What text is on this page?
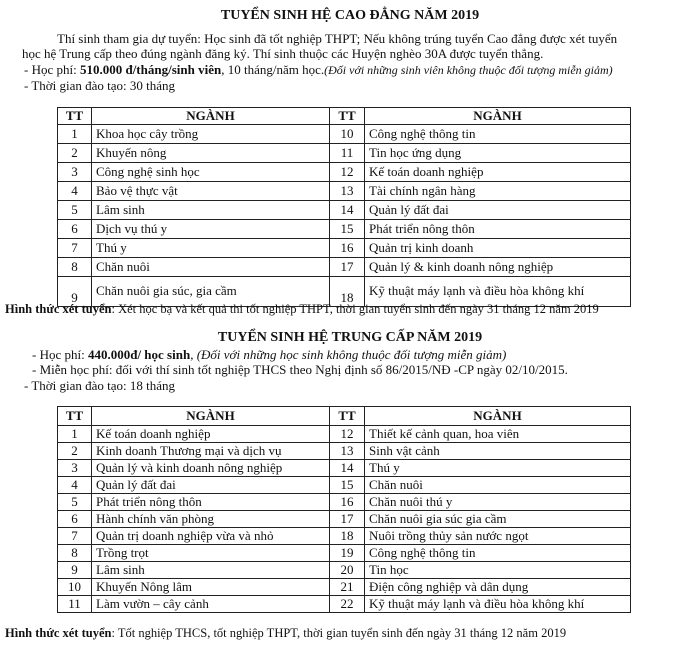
TUYỂN SINH HỆ CAO ĐẲNG NĂM 2019
Thí sinh tham gia dự tuyển: Học sinh đã tốt nghiệp THPT; Nếu không trúng tuyển Cao đẳng được xét tuyển
học hệ Trung cấp theo đúng ngành đăng ký. Thí sinh thuộc các Huyện nghèo 30A được tuyển thẳng.
- Học phí: 510.000 đ/tháng/sinh viên, 10 tháng/năm học.(Đối với những sinh viên không thuộc đối tượng miễn giảm)
- Thời gian đào tạo: 30 tháng
TT	NGÀNH	TT	NGÀNH
1	Khoa học cây trồng	10	Công nghệ thông tin
2	Khuyến nông	11	Tin học ứng dụng
3	Công nghệ sinh học	12	Kế toán doanh nghiệp
4	Bảo vệ thực vật	13	Tài chính ngân hàng
5	Lâm sinh	14	Quản lý đất đai
6	Dịch vụ thú y	15	Phát triển nông thôn
7	Thú y	16	Quản trị kinh doanh
8	Chăn nuôi	17	Quản lý & kinh doanh nông nghiệp
9	Chăn nuôi gia súc, gia cầm	18	Kỹ thuật máy lạnh và điều hòa không khí
Hình thức xét tuyển: Xét học bạ và kết quả thi tốt nghiệp THPT, thời gian tuyển sinh đến ngày 31 tháng 12 năm 2019
TUYỂN SINH HỆ TRUNG CẤP NĂM 2019
- Học phí: 440.000đ/ học sinh, (Đối với những học sinh không thuộc đối tượng miễn giảm)
- Miễn học phí: đối với thí sinh tốt nghiệp THCS theo Nghị định số 86/2015/NĐ -CP ngày 02/10/2015.
- Thời gian đào tạo: 18 tháng
TT	NGÀNH	TT	NGÀNH
1	Kế toán doanh nghiệp	12	Thiết kế cảnh quan, hoa viên
2	Kinh doanh Thương mại và dịch vụ	13	Sinh vật cảnh
3	Quản lý và kinh doanh nông nghiệp	14	Thú y
4	Quản lý đất đai	15	Chăn nuôi
5	Phát triển nông thôn	16	Chăn nuôi thú y
6	Hành chính văn phòng	17	Chăn nuôi gia súc gia cầm
7	Quản trị doanh nghiệp vừa và nhỏ	18	Nuôi trồng thủy sản nước ngọt
8	Trồng trọt	19	Công nghệ thông tin
9	Lâm sinh	20	Tin học
10	Khuyến Nông lâm	21	Điện công nghiệp và dân dụng
11	Làm vườn – cây cảnh	22	Kỹ thuật máy lạnh và điều hòa không khí
Hình thức xét tuyển: Tốt nghiệp THCS, tốt nghiệp THPT, thời gian tuyển sinh đến ngày 31 tháng 12 năm 2019
